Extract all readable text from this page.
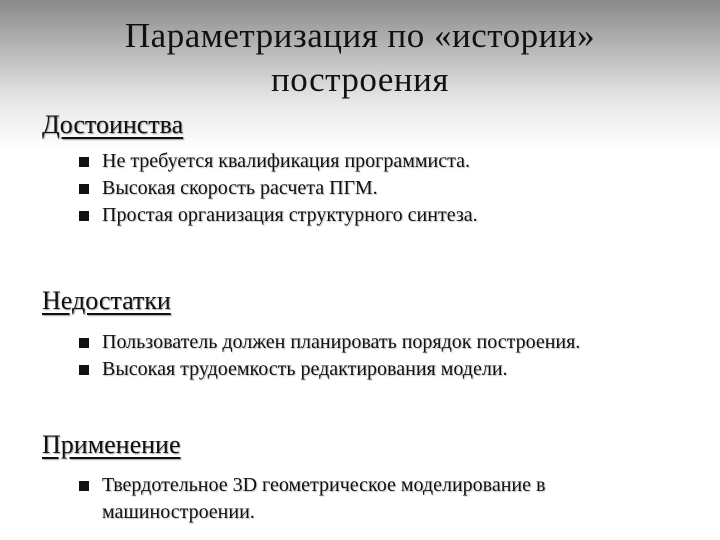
Параметризация по «истории»
построения
Достоинства
Не требуется квалификация программиста.
Высокая скорость расчета ПГМ.
Простая организация структурного синтеза.
Недостатки
Пользователь должен планировать порядок построения.
Высокая трудоемкость редактирования модели.
Применение
Твердотельное 3D геометрическое моделирование в машиностроении.
